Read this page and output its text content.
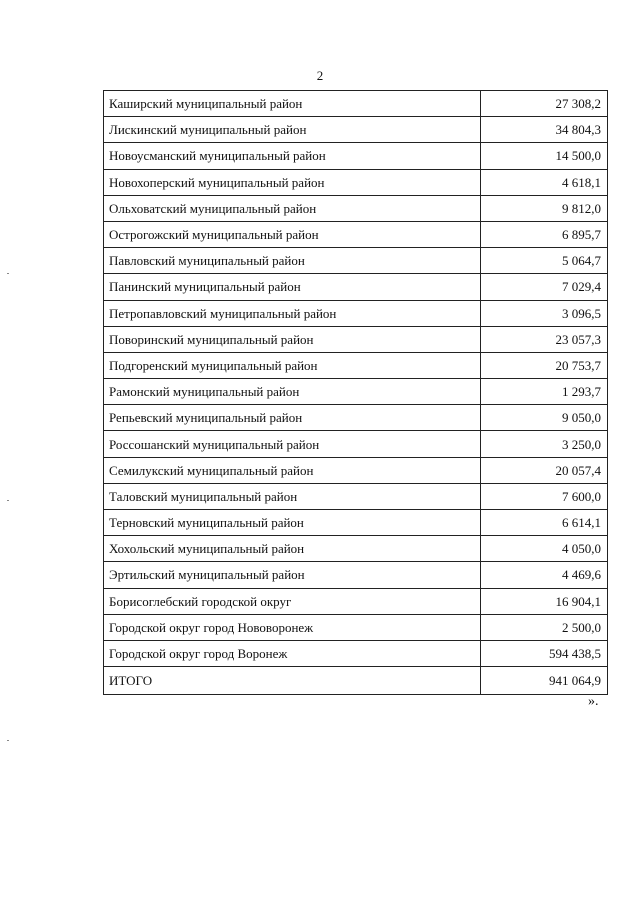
2
Каширский муниципальный район	27 308,2
Лискинский муниципальный район	34 804,3
Новоусманский муниципальный район	14 500,0
Новохоперский муниципальный район	4 618,1
Ольховатский муниципальный район	9 812,0
Острогожский муниципальный район	6 895,7
Павловский муниципальный район	5 064,7
Панинский муниципальный район	7 029,4
Петропавловский муниципальный район	3 096,5
Поворинский муниципальный район	23 057,3
Подгоренский муниципальный район	20 753,7
Рамонский муниципальный район	1 293,7
Репьевский муниципальный район	9 050,0
Россошанский муниципальный район	3 250,0
Семилукский муниципальный район	20 057,4
Таловский муниципальный район	7 600,0
Терновский муниципальный район	6 614,1
Хохольский муниципальный район	4 050,0
Эртильский муниципальный район	4 469,6
Борисоглебский городской округ	16 904,1
Городской округ город Нововоронеж	2 500,0
Городской округ город Воронеж	594 438,5
ИТОГО	941 064,9
».
